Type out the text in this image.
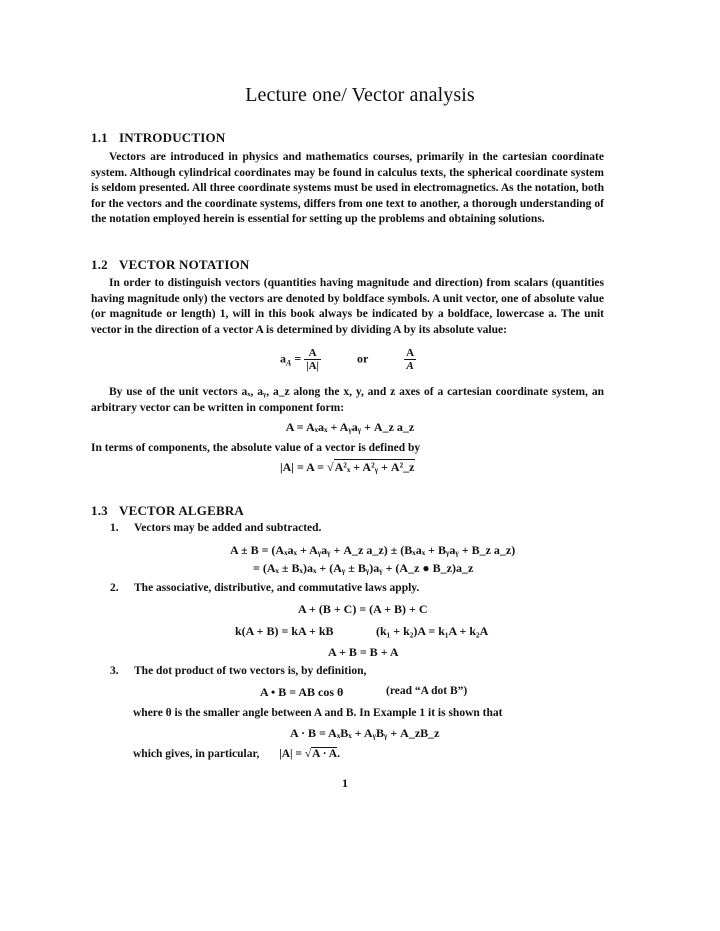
Lecture one/ Vector analysis
1.1 INTRODUCTION
Vectors are introduced in physics and mathematics courses, primarily in the cartesian coordinate system. Although cylindrical coordinates may be found in calculus texts, the spherical coordinate system is seldom presented. All three coordinate systems must be used in electromagnetics. As the notation, both for the vectors and the coordinate systems, differs from one text to another, a thorough understanding of the notation employed herein is essential for setting up the problems and obtaining solutions.
1.2 VECTOR NOTATION
In order to distinguish vectors (quantities having magnitude and direction) from scalars (quantities having magnitude only) the vectors are denoted by boldface symbols. A unit vector, one of absolute value (or magnitude or length) 1, will in this book always be indicated by a boldface, lowercase a. The unit vector in the direction of a vector A is determined by dividing A by its absolute value:
$a_A = \frac{A}{|A|}$	or	$\frac{A}{A}$
By use of the unit vectors aₓ, aᵧ, a_z along the x, y, and z axes of a cartesian coordinate system, an arbitrary vector can be written in component form:
A = Aₓaₓ + Aᵧaᵧ + A_z a_z
In terms of components, the absolute value of a vector is defined by
|A| = A = √A²ₓ + A²ᵧ + A²_z
1.3 VECTOR ALGEBRA
1. Vectors may be added and subtracted.
A ± B = (Aₓaₓ + Aᵧaᵧ + A_z a_z) ± (Bₓaₓ + Bᵧaᵧ + B_z a_z)
= (Aₓ ± Bₓ)aₓ + (Aᵧ ± Bᵧ)aᵧ + (A_z ● B_z)a_z
2. The associative, distributive, and commutative laws apply.
A + (B + C) = (A + B) + C
k(A + B) = kA + kB	(k₁ + k₂)A = k₁A + k₂A
A + B = B + A
3. The dot product of two vectors is, by definition,
A • B = AB cos θ	(read “A dot B”)
where θ is the smaller angle between A and B. In Example 1 it is shown that
A · B = AₓBₓ + AᵧBᵧ + A_zB_z
which gives, in particular, |A| = √A · A.
1
